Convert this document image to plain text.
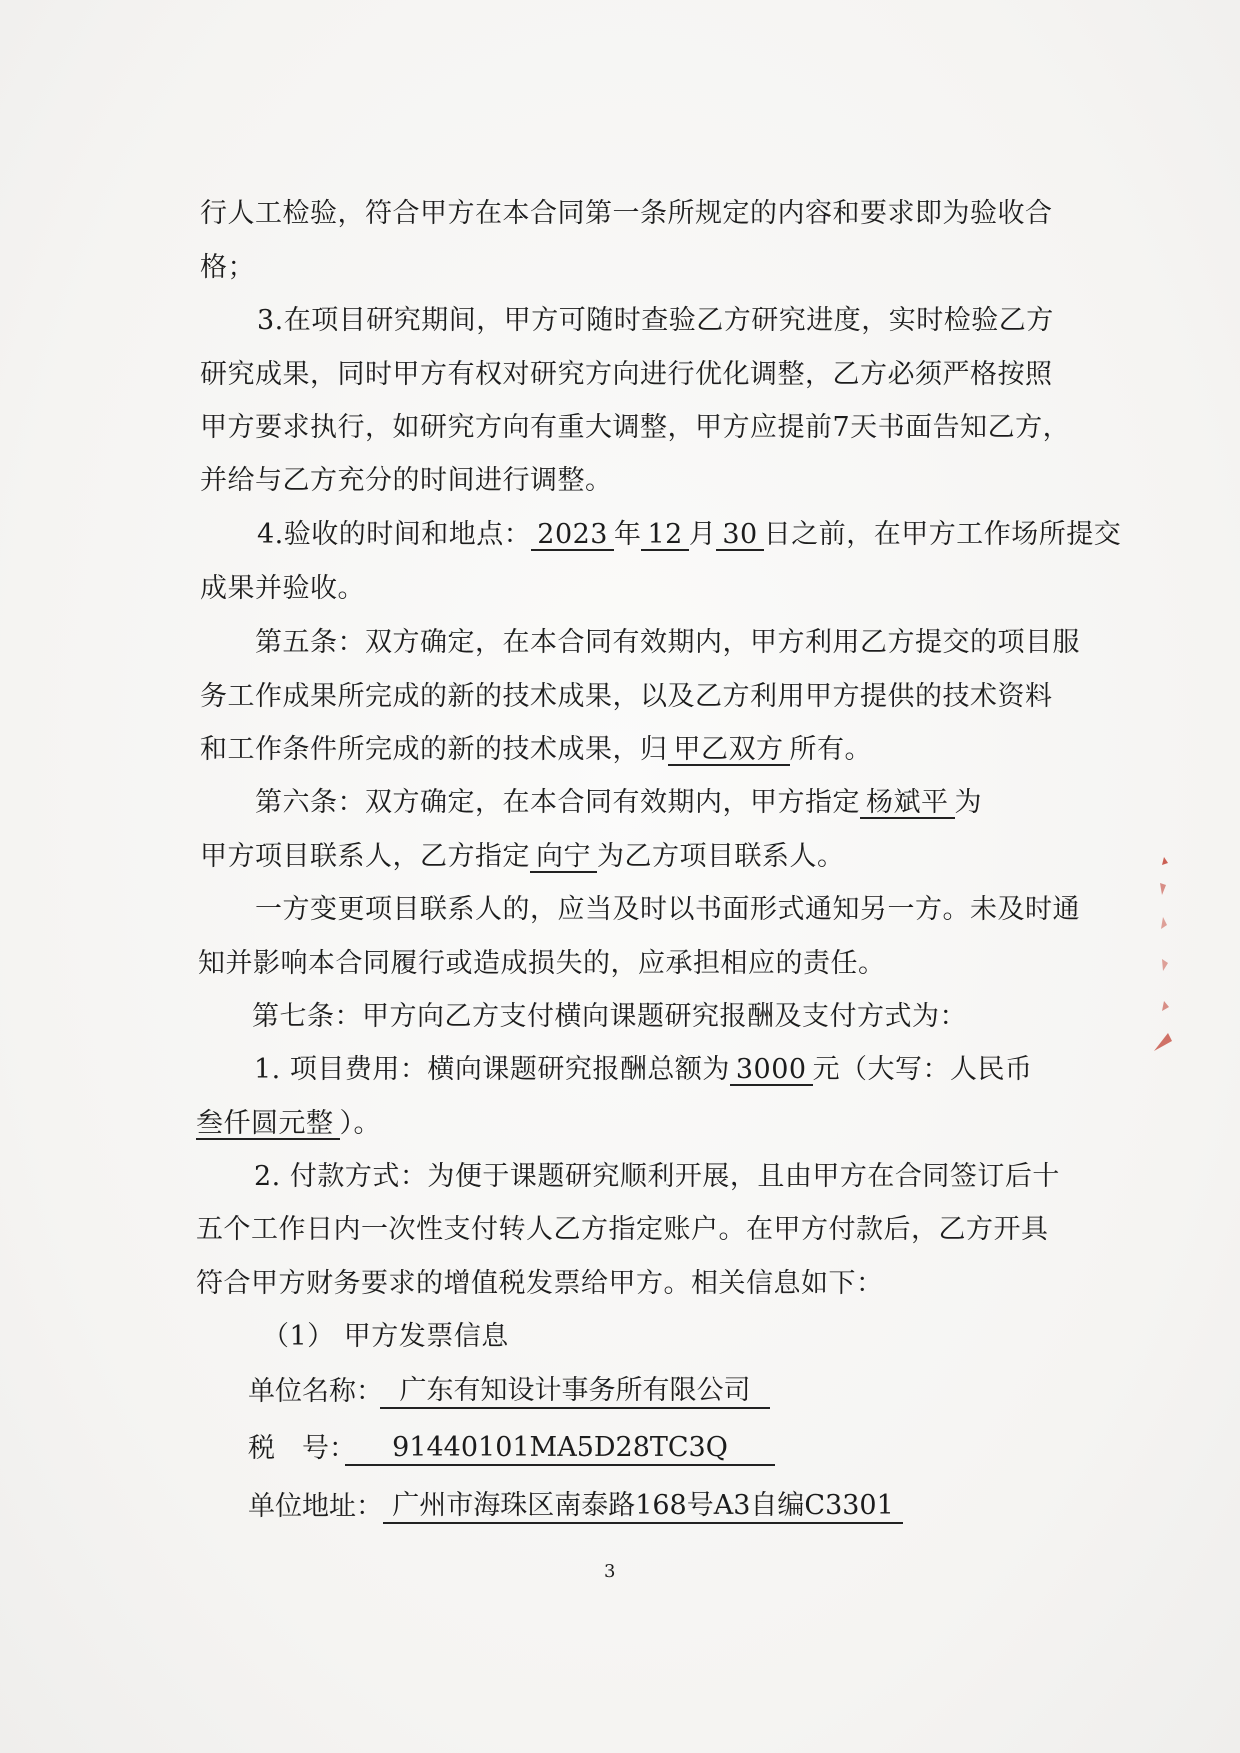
行人工检验，符合甲方在本合同第一条所规定的内容和要求即为验收合
格；
3.在项目研究期间，甲方可随时查验乙方研究进度，实时检验乙方
研究成果，同时甲方有权对研究方向进行优化调整，乙方必须严格按照
甲方要求执行，如研究方向有重大调整，甲方应提前7天书面告知乙方，
并给与乙方充分的时间进行调整。
4.验收的时间和地点： 2023 年 12 月 30 日之前，在甲方工作场所提交
成果并验收。
第五条：双方确定，在本合同有效期内，甲方利用乙方提交的项目服
务工作成果所完成的新的技术成果，以及乙方利用甲方提供的技术资料
和工作条件所完成的新的技术成果，归 甲乙双方 所有。
第六条：双方确定，在本合同有效期内，甲方指定 杨斌平 为
甲方项目联系人，乙方指定 向宁 为乙方项目联系人。
一方变更项目联系人的，应当及时以书面形式通知另一方。未及时通
知并影响本合同履行或造成损失的，应承担相应的责任。
第七条：甲方向乙方支付横向课题研究报酬及支付方式为：
1. 项目费用：横向课题研究报酬总额为 3000 元（大写：人民币
叁仟圆元整 ）。
2. 付款方式：为便于课题研究顺利开展，且由甲方在合同签订后十
五个工作日内一次性支付转人乙方指定账户。在甲方付款后，乙方开具
符合甲方财务要求的增值税发票给甲方。相关信息如下：
（1） 甲方发票信息
单位名称： 广东有知设计事务所有限公司
税　号：	91440101MA5D28TC3Q
单位地址： 广州市海珠区南泰路168号A3自编C3301
3
